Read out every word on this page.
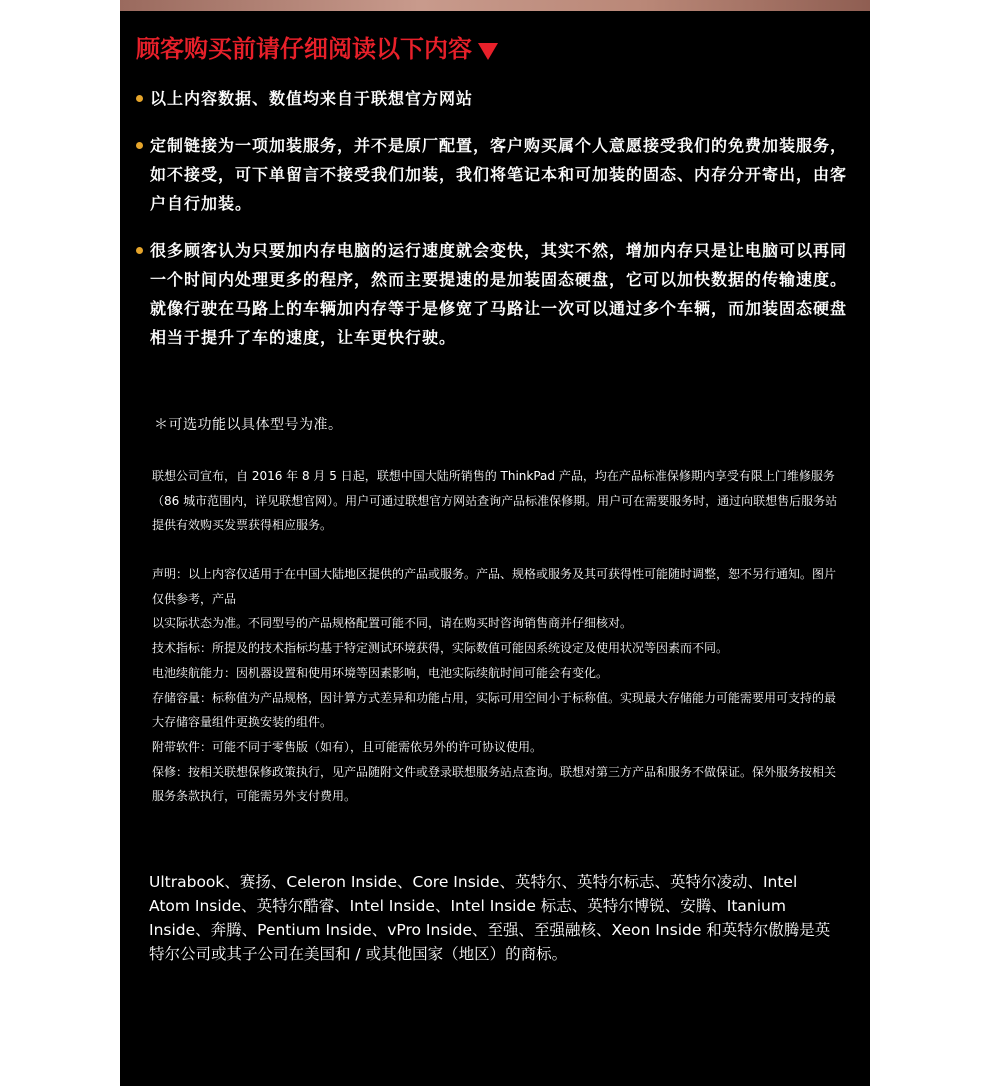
顾客购买前请仔细阅读以下内容
以上内容数据、数值均来自于联想官方网站
定制链接为一项加装服务，并不是原厂配置，客户购买属个人意愿接受我们的免费加装服务，如不接受，可下单留言不接受我们加装，我们将笔记本和可加装的固态、内存分开寄出，由客户自行加装。
很多顾客认为只要加内存电脑的运行速度就会变快，其实不然，增加内存只是让电脑可以再同一个时间内处理更多的程序，然而主要提速的是加装固态硬盘，它可以加快数据的传输速度。就像行驶在马路上的车辆加内存等于是修宽了马路让一次可以通过多个车辆，而加装固态硬盘相当于提升了车的速度，让车更快行驶。
＊可选功能以具体型号为准。

联想公司宣布，自 2016 年 8 月 5 日起，联想中国大陆所销售的 ThinkPad 产品，均在产品标准保修期内享受有限上门维修服务（86 城市范围内，详见联想官网）。用户可通过联想官方网站查询产品标准保修期。用户可在需要服务时，通过向联想售后服务站提供有效购买发票获得相应服务。

声明：以上内容仅适用于在中国大陆地区提供的产品或服务。产品、规格或服务及其可获得性可能随时调整，恕不另行通知。图片仅供参考，产品

以实际状态为准。不同型号的产品规格配置可能不同，请在购买时咨询销售商并仔细核对。

技术指标：所提及的技术指标均基于特定测试环境获得，实际数值可能因系统设定及使用状况等因素而不同。

电池续航能力：因机器设置和使用环境等因素影响，电池实际续航时间可能会有变化。

存储容量：标称值为产品规格，因计算方式差异和功能占用，实际可用空间小于标称值。实现最大存储能力可能需要用可支持的最大存储容量组件更换安装的组件。

附带软件：可能不同于零售版（如有），且可能需依另外的许可协议使用。

保修：按相关联想保修政策执行，见产品随附文件或登录联想服务站点查询。联想对第三方产品和服务不做保证。保外服务按相关服务条款执行，可能需另外支付费用。

Ultrabook、赛扬、Celeron Inside、Core Inside、英特尔、英特尔标志、英特尔凌动、Intel Atom Inside、英特尔酷睿、Intel Inside、Intel Inside 标志、英特尔博锐、安腾、Itanium Inside、奔腾、Pentium Inside、vPro Inside、至强、至强融核、Xeon Inside 和英特尔傲腾是英特尔公司或其子公司在美国和 / 或其他国家（地区）的商标。
